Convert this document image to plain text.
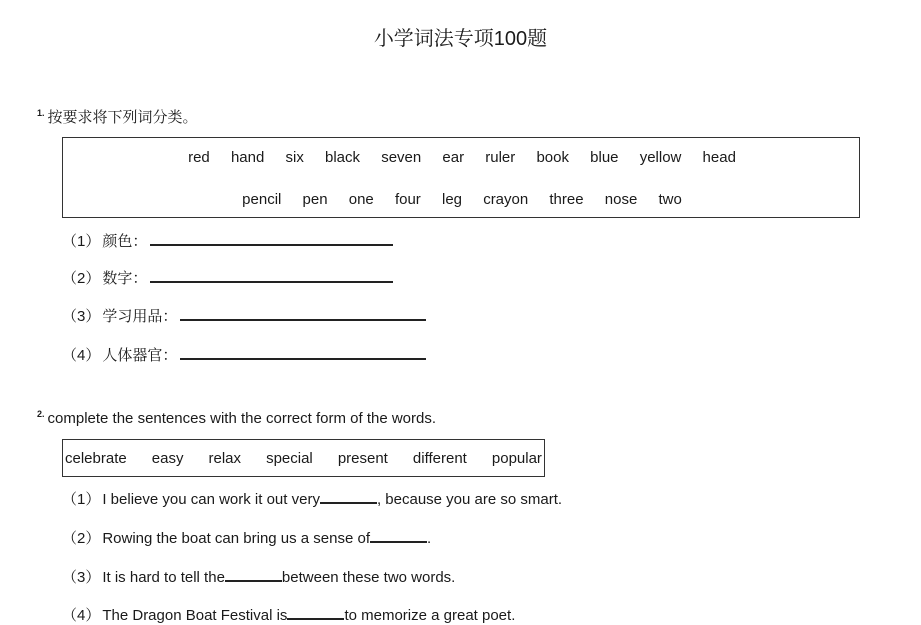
小学词法专项100题
$^{1.}$ 按要求将下列词分类。
red hand six black seven ear ruler book blue yellow head
pencil pen one four leg crayon three nose two
（1） 颜色：
（2） 数字：
（3） 学习用品：
（4） 人体器官：
$^{2.}$ complete the sentences with the correct form of the words.
celebrate easy relax special present different popular
（1） I believe you can work it out very	, because you are so smart.
（2） Rowing the boat can bring us a sense of	.
（3） It is hard to tell the	between these two words.
（4） The Dragon Boat Festival is	to memorize a great poet.
